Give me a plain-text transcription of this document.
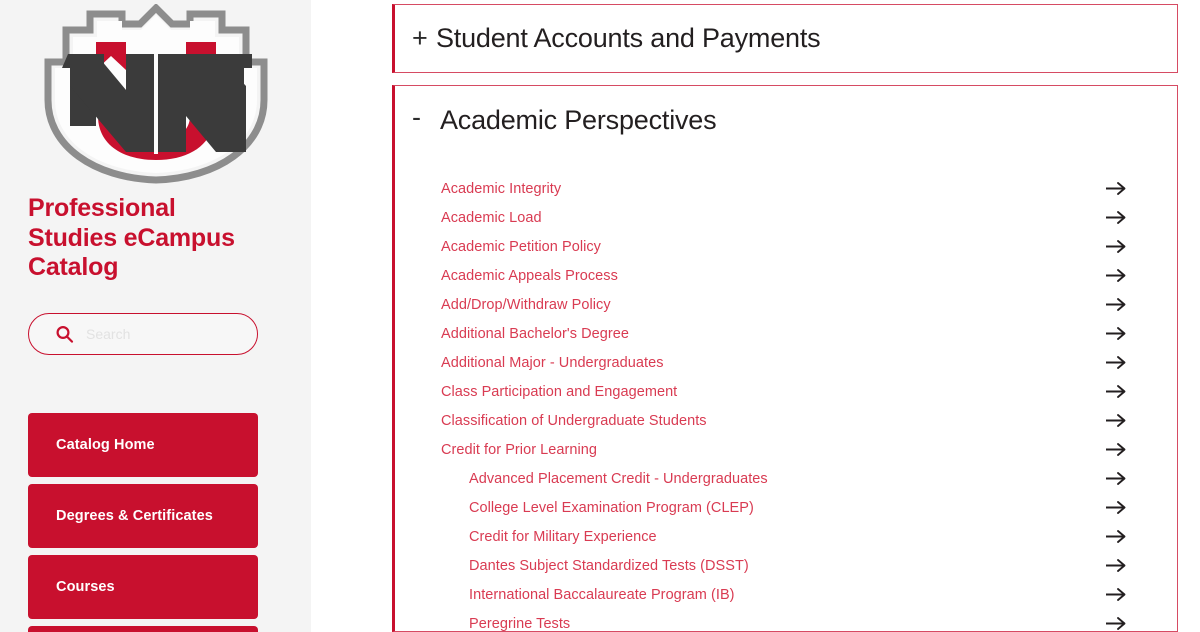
Professional Studies eCampus Catalog
Search
Catalog Home
Degrees & Certificates
Courses
+ Student Accounts and Payments
- Academic Perspectives
Academic Integrity
Academic Load
Academic Petition Policy
Academic Appeals Process
Add/Drop/Withdraw Policy
Additional Bachelor's Degree
Additional Major - Undergraduates
Class Participation and Engagement
Classification of Undergraduate Students
Credit for Prior Learning
Advanced Placement Credit - Undergraduates
College Level Examination Program (CLEP)
Credit for Military Experience
Dantes Subject Standardized Tests (DSST)
International Baccalaureate Program (IB)
Peregrine Tests
